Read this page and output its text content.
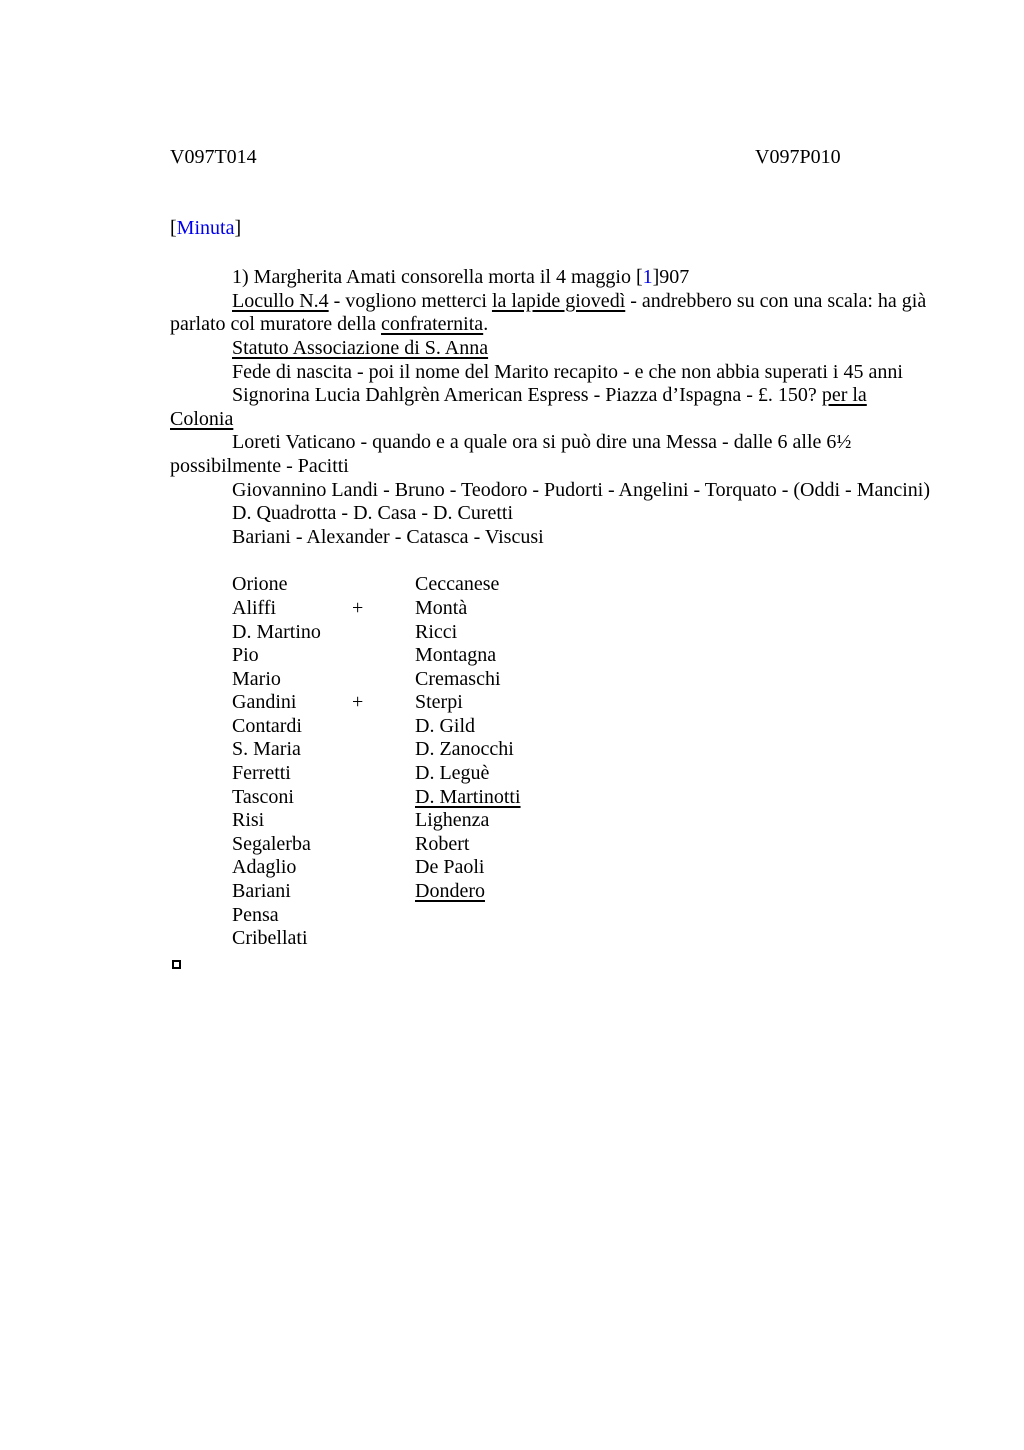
V097T014	V097P010
[Minuta]

1) Margherita Amati consorella morta il 4 maggio [1]907

Locullo N.4 - vogliono metterci la lapide giovedì - andrebbero su con una scala: ha già parlato col muratore della confraternita.

Statuto Associazione di S. Anna

Fede di nascita - poi il nome del Marito recapito - e che non abbia superati i 45 anni

Signorina Lucia Dahlgrèn American Espress - Piazza d’Ispagna - £. 150? per la Colonia

Loreti Vaticano - quando e a quale ora si può dire una Messa - dalle 6 alle 6½ possibilmente - Pacitti

Giovannino Landi - Bruno - Teodoro - Pudorti - Angelini - Torquato - (Oddi - Mancini)

D. Quadrotta - D. Casa - D. Curetti

Bariani - Alexander - Catasca - Viscusi

Orione	Ceccanese
Aliffi	+	Montà
D. Martino	Ricci
Pio	Montagna
Mario	Cremaschi
Gandini	+	Sterpi
Contardi	D. Gild
S. Maria	D. Zanocchi
Ferretti	D. Leguè
Tasconi	D. Martinotti
Risi	Lighenza
Segalerba	Robert
Adaglio	De Paoli
Bariani	Dondero
Pensa
Cribellati
